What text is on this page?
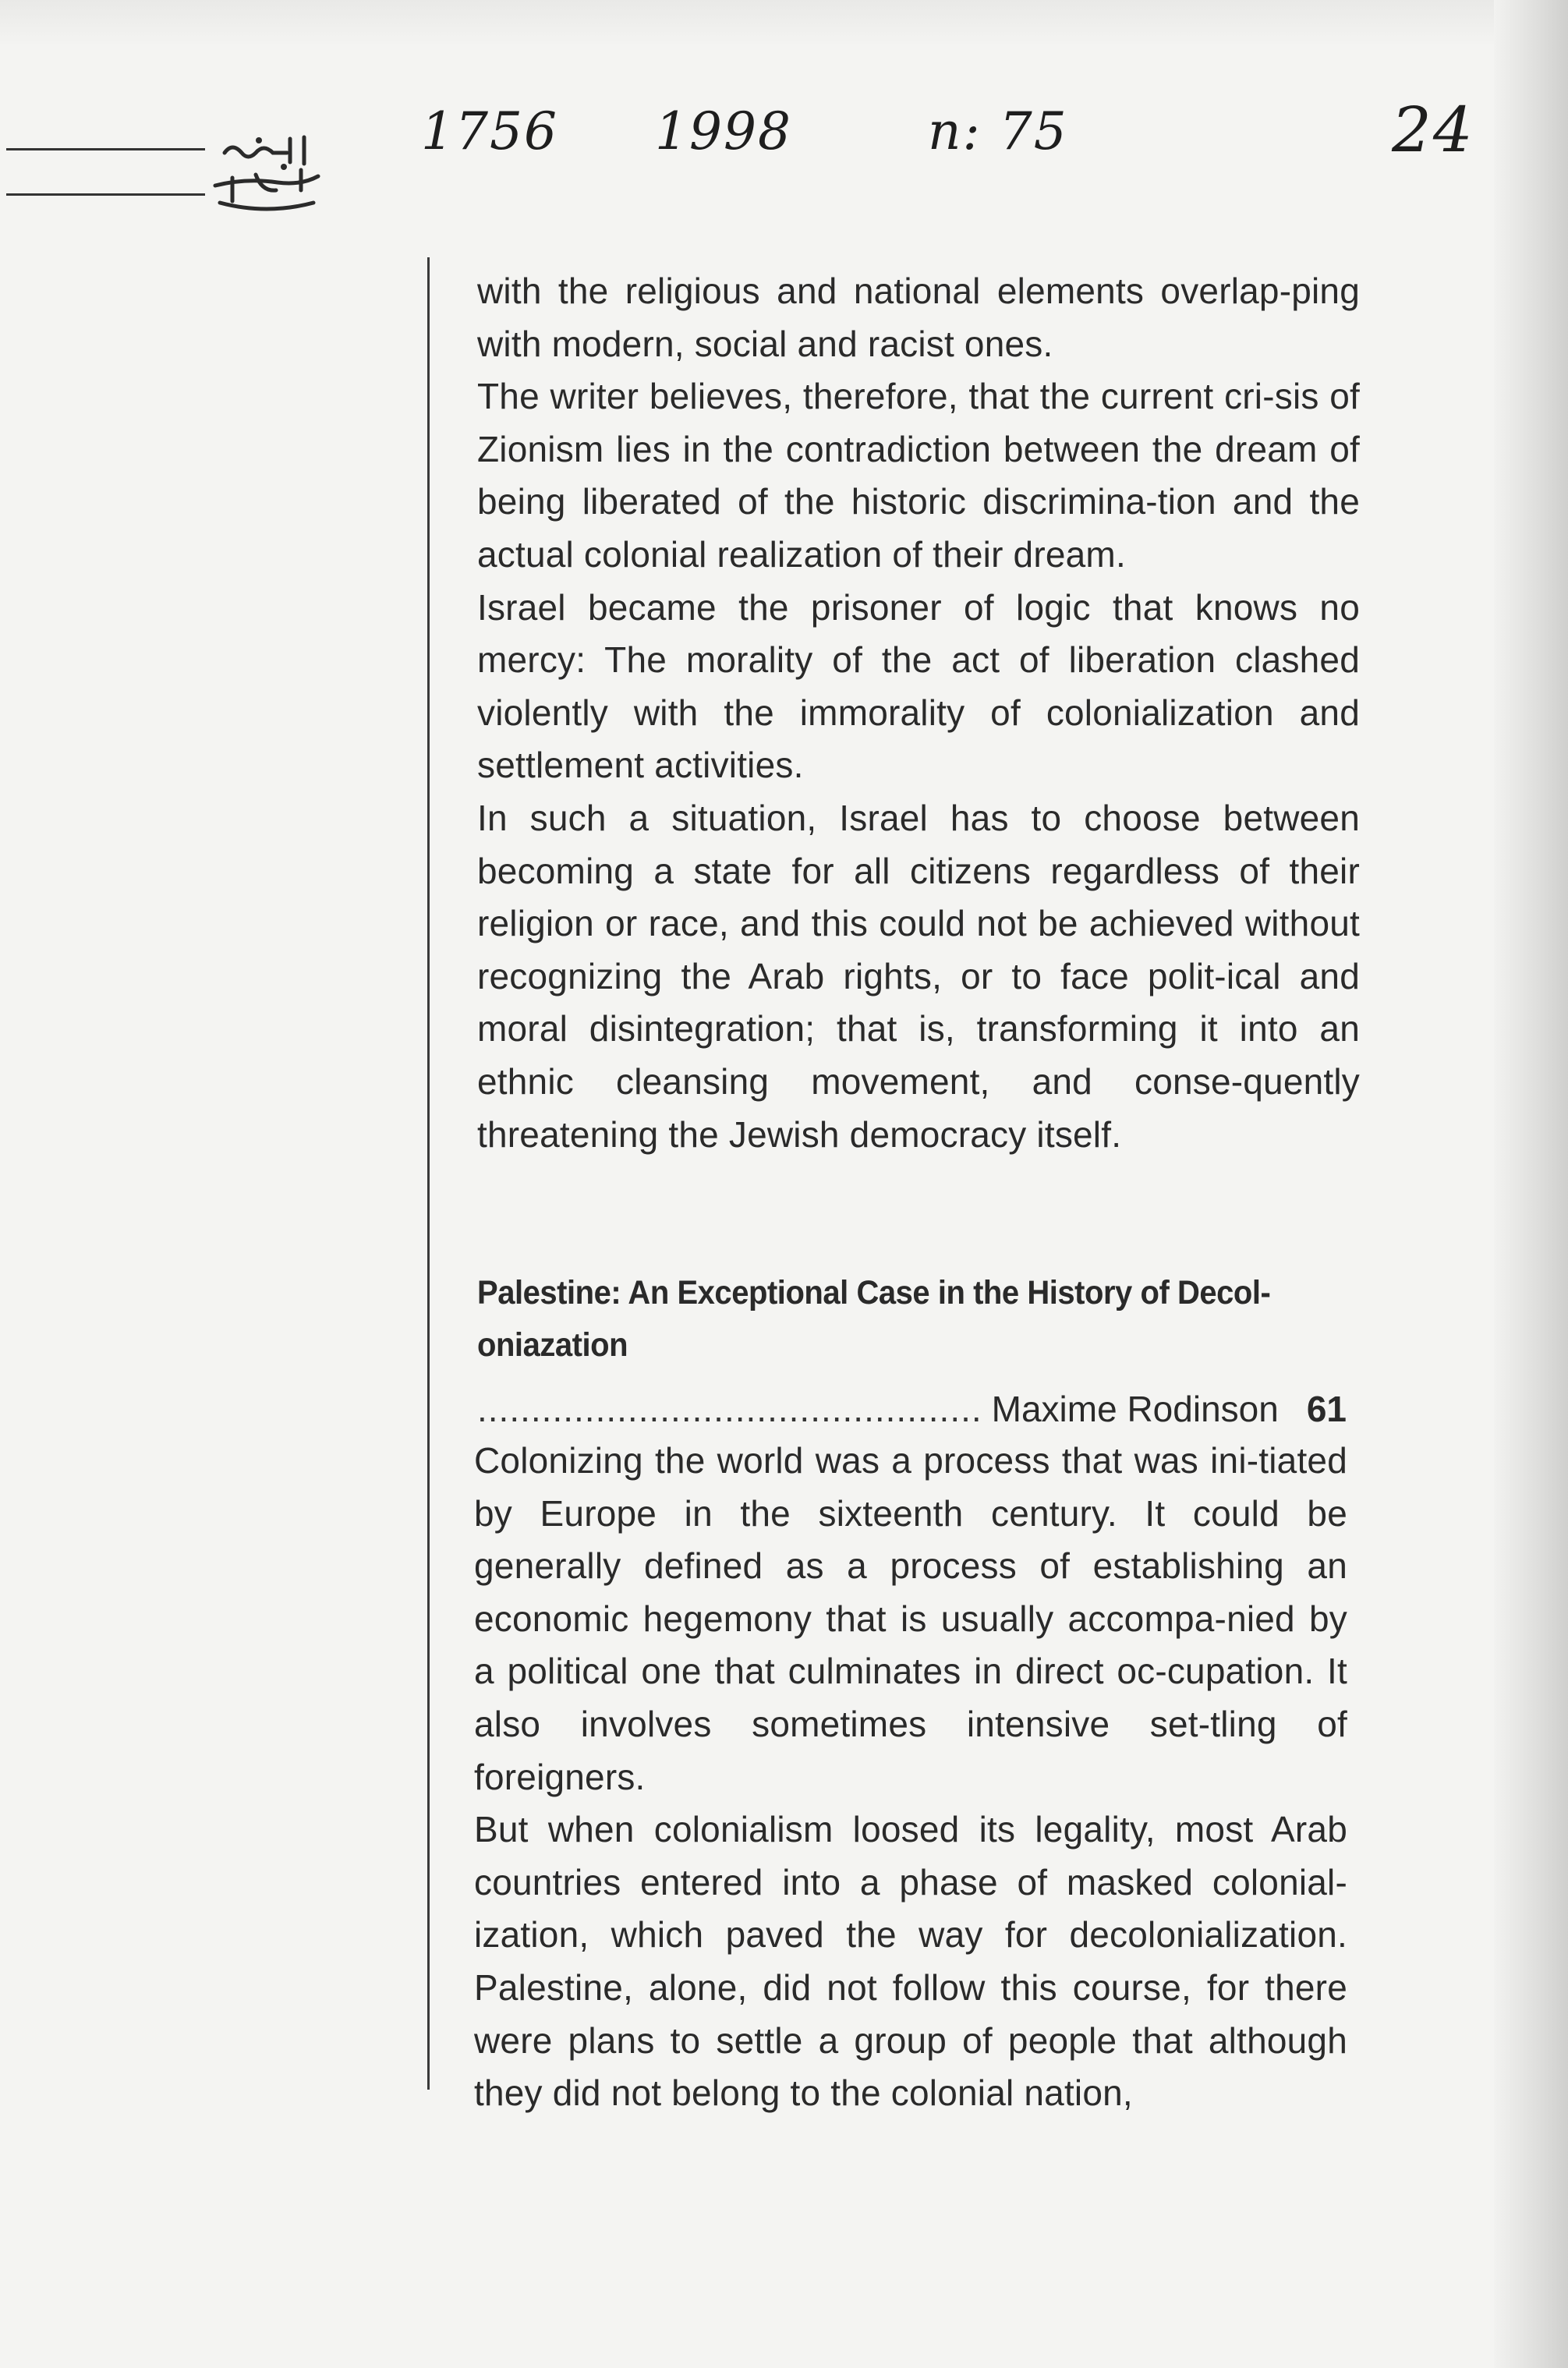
1756 1998	n: 75	24

with the religious and national elements overlap-ping with modern, social and racist ones.

The writer believes, therefore, that the current cri-sis of Zionism lies in the contradiction between the dream of being liberated of the historic discrimina-tion and the actual colonial realization of their dream.

Israel became the prisoner of logic that knows no mercy: The morality of the act of liberation clashed violently with the immorality of colonialization and settlement activities.

In such a situation, Israel has to choose between becoming a state for all citizens regardless of their religion or race, and this could not be achieved without recognizing the Arab rights, or to face polit-ical and moral disintegration; that is, transforming it into an ethnic cleansing movement, and conse-quently threatening the Jewish democracy itself.

Palestine: An Exceptional Case in the History of Decol-oniazation
.....
Maxime Rodinson 61

Colonizing the world was a process that was ini-tiated by Europe in the sixteenth century. It could be generally defined as a process of establishing an economic hegemony that is usually accompa-nied by a political one that culminates in direct oc-cupation. It also involves sometimes intensive set-tling of foreigners.

But when colonialism loosed its legality, most Arab countries entered into a phase of masked colonial-ization, which paved the way for decolonialization. Palestine, alone, did not follow this course, for there were plans to settle a group of people that although they did not belong to the colonial nation,
